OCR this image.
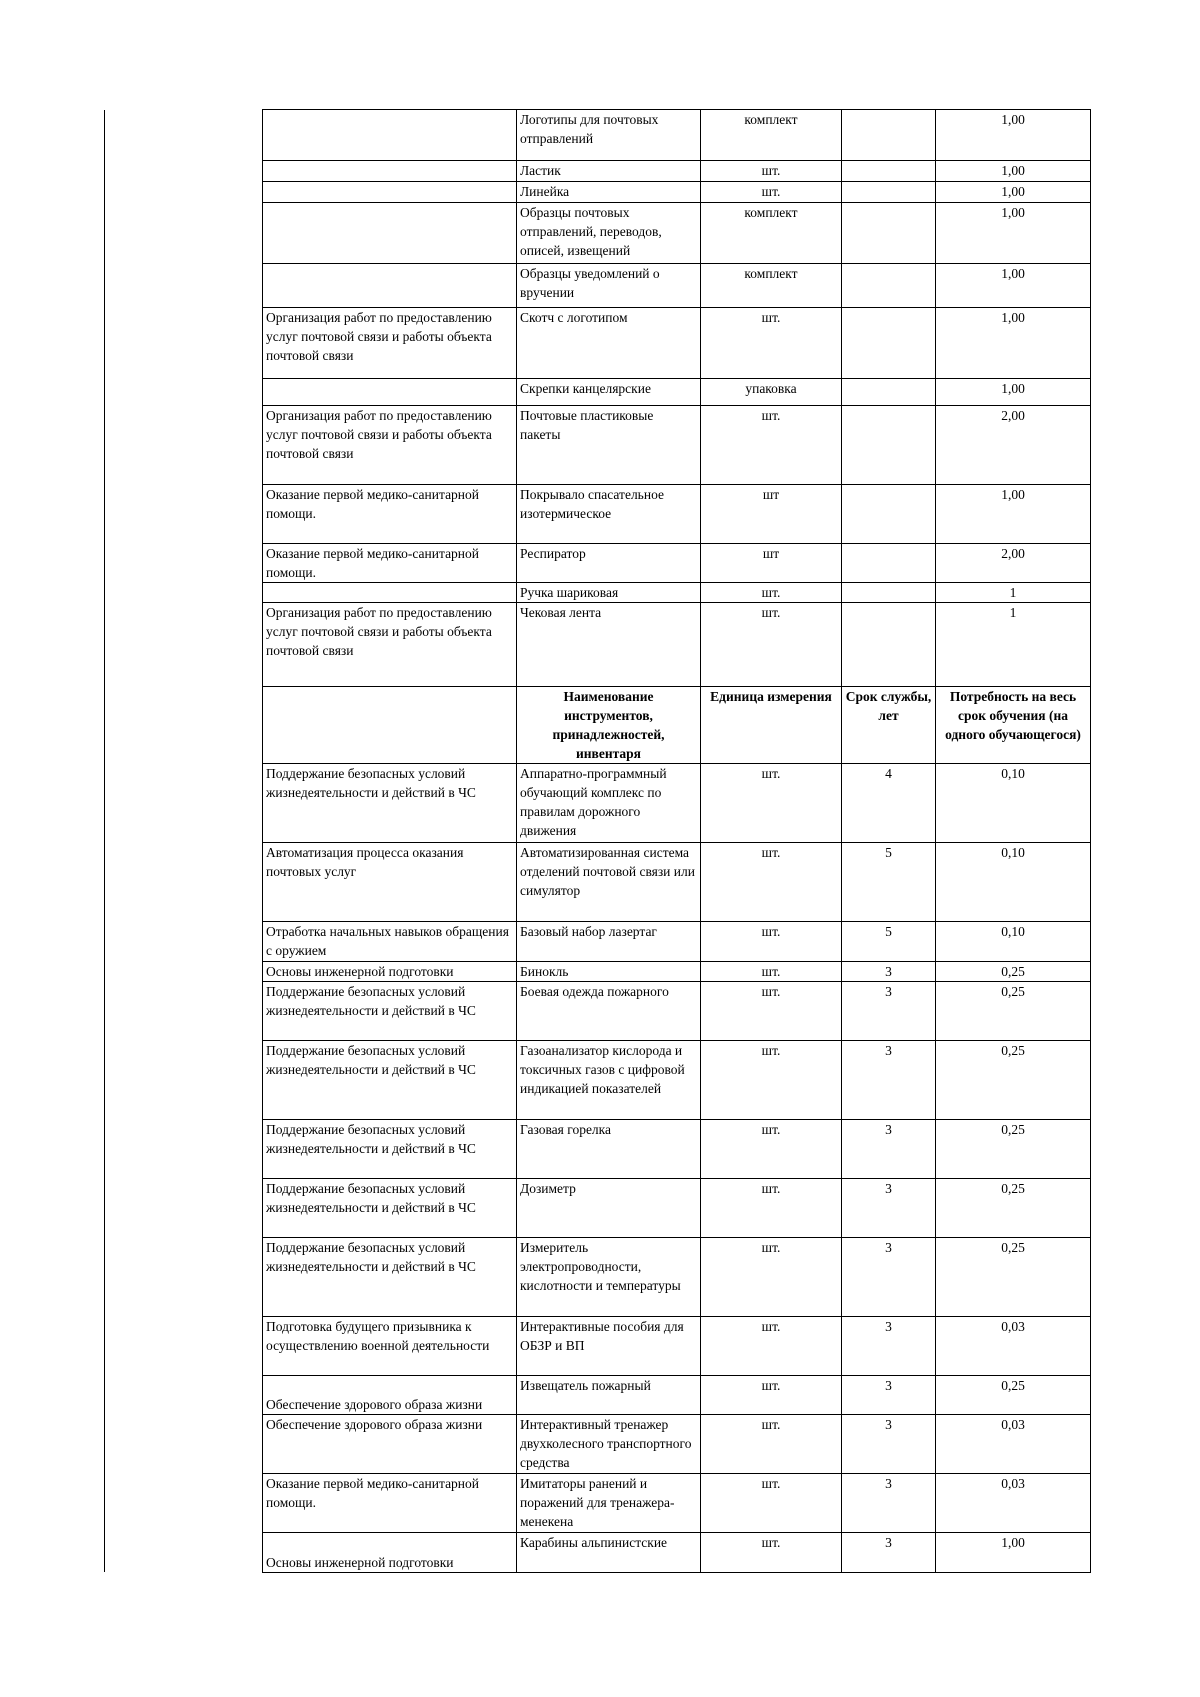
	Логотипы для почтовых отправлений	комплект		1,00
	Ластик	шт.		1,00
	Линейка	шт.		1,00
	Образцы почтовых отправлений, переводов, описей, извещений	комплект		1,00
	Образцы уведомлений о вручении	комплект		1,00
Организация работ по предоставлению услуг почтовой связи и работы объекта почтовой связи	Скотч с логотипом	шт.		1,00
	Скрепки канцелярские	упаковка		1,00
Организация работ по предоставлению услуг почтовой связи и работы объекта почтовой связи	Почтовые пластиковые пакеты	шт.		2,00
Оказание первой медико-санитарной помощи.	Покрывало спасательное изотермическое	шт		1,00
Оказание первой медико-санитарной помощи.	Респиратор	шт		2,00
	Ручка шариковая	шт.		1
Организация работ по предоставлению услуг почтовой связи и работы объекта почтовой связи	Чековая лента	шт.		1
	Наименование инструментов, принадлежностей, инвентаря	Единица измерения	Срок службы, лет	Потребность на весь срок обучения (на одного обучающегося)
Поддержание безопасных условий жизнедеятельности и действий в ЧС	Аппаратно-программный обучающий комплекс по правилам дорожного движения	шт.	4	0,10
Автоматизация процесса оказания почтовых услуг	Автоматизированная система отделений почтовой связи или симулятор	шт.	5	0,10
Отработка начальных навыков обращения с оружием	Базовый набор лазертаг	шт.	5	0,10
Основы инженерной подготовки	Бинокль	шт.	3	0,25
Поддержание безопасных условий жизнедеятельности и действий в ЧС	Боевая одежда пожарного	шт.	3	0,25
Поддержание безопасных условий жизнедеятельности и действий в ЧС	Газоанализатор кислорода и токсичных газов с цифровой индикацией показателей	шт.	3	0,25
Поддержание безопасных условий жизнедеятельности и действий в ЧС	Газовая горелка	шт.	3	0,25
Поддержание безопасных условий жизнедеятельности и действий в ЧС	Дозиметр	шт.	3	0,25
Поддержание безопасных условий жизнедеятельности и действий в ЧС	Измеритель электропроводности, кислотности и температуры	шт.	3	0,25
Подготовка будущего призывника к осуществлению военной деятельности	Интерактивные пособия для ОБЗР и ВП	шт.	3	0,03
Обеспечение здорового образа жизни	Извещатель пожарный	шт.	3	0,25
Обеспечение здорового образа жизни	Интерактивный тренажер двухколесного транспортного средства	шт.	3	0,03
Оказание первой медико-санитарной помощи.	Имитаторы ранений и поражений для тренажера-менекена	шт.	3	0,03
Основы инженерной подготовки	Карабины альпинистские	шт.	3	1,00
